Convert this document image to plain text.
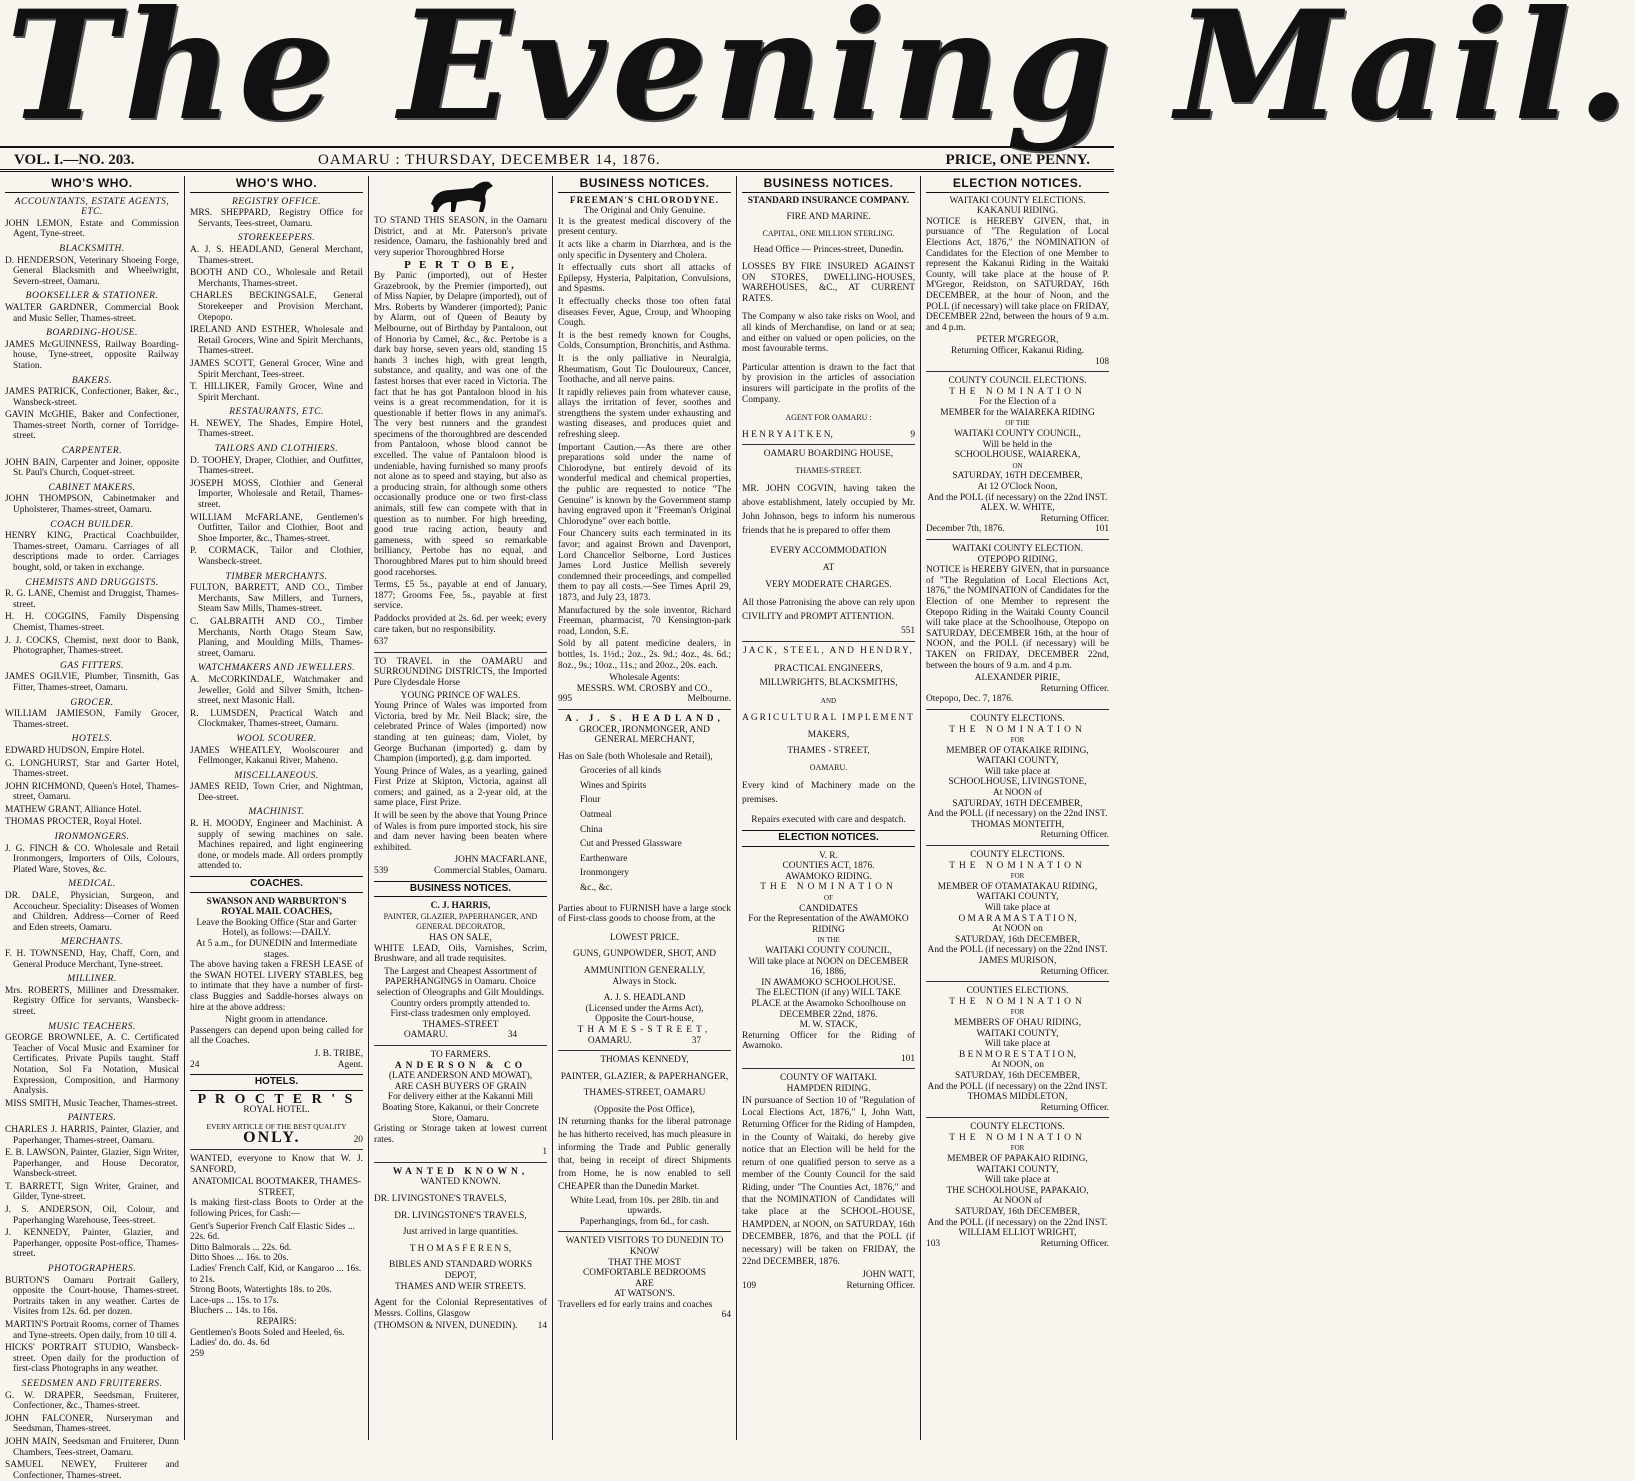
The Evening Mail.
VOL. I.—NO. 203.	OAMARU : THURSDAY, DECEMBER 14, 1876.	PRICE, ONE PENNY.
WHO'S WHO.
ACCOUNTANTS, ESTATE AGENTS, ETC.
JOHN LEMON, Estate and Commission Agent, Tyne-street.
BLACKSMITH.
D. HENDERSON, Veterinary Shoeing Forge, General Blacksmith and Wheelwright, Severn-street, Oamaru.
BOOKSELLER & STATIONER.
WALTER GARDNER, Commercial Book and Music Seller, Thames-street.
BOARDING-HOUSE.
JAMES McGUINNESS, Railway Boarding-house, Tyne-street, opposite Railway Station.
BAKERS.
JAMES PATRICK, Confectioner, Baker, &c., Wansbeck-street.
GAVIN McGHIE, Baker and Confectioner, Thames-street North, corner of Torridge-street.
CARPENTER.
JOHN BAIN, Carpenter and Joiner, opposite St. Paul's Church, Coquet-street.
CABINET MAKERS.
JOHN THOMPSON, Cabinetmaker and Upholsterer, Thames-street, Oamaru.
COACH BUILDER.
HENRY KING, Practical Coachbuilder, Thames-street, Oamaru. Carriages of all descriptions made to order. Carriages bought, sold, or taken in exchange.
CHEMISTS AND DRUGGISTS.
R. G. LANE, Chemist and Druggist, Thames-street.
H. H. COGGINS, Family Dispensing Chemist, Thames-street.
J. J. COCKS, Chemist, next door to Bank, Photographer, Thames-street.
GAS FITTERS.
JAMES OGILVIE, Plumber, Tinsmith, Gas Fitter, Thames-street, Oamaru.
GROCER.
WILLIAM JAMIESON, Family Grocer, Thames-street.
HOTELS.
EDWARD HUDSON, Empire Hotel.
G. LONGHURST, Star and Garter Hotel, Thames-street.
JOHN RICHMOND, Queen's Hotel, Thames-street, Oamaru.
MATHEW GRANT, Alliance Hotel.
THOMAS PROCTER, Royal Hotel.
IRONMONGERS.
J. G. FINCH & CO. Wholesale and Retail Ironmongers, Importers of Oils, Colours, Plated Ware, Stoves, &c.
MEDICAL.
DR. DALE, Physician, Surgeon, and Accoucheur. Speciality: Diseases of Women and Children. Address—Corner of Reed and Eden streets, Oamaru.
MERCHANTS.
F. H. TOWNSEND, Hay, Chaff, Corn, and General Produce Merchant, Tyne-street.
MILLINER.
Mrs. ROBERTS, Milliner and Dressmaker. Registry Office for servants, Wansbeck-street.
MUSIC TEACHERS.
GEORGE BROWNLEE, A. C. Certificated Teacher of Vocal Music and Examiner for Certificates. Private Pupils taught. Staff Notation, Sol Fa Notation, Musical Expression, Composition, and Harmony Analysis.
MISS SMITH, Music Teacher, Thames-street.
PAINTERS.
CHARLES J. HARRIS, Painter, Glazier, and Paperhanger, Thames-street, Oamaru.
E. B. LAWSON, Painter, Glazier, Sign Writer, Paperhanger, and House Decorator, Wansbeck-street.
T. BARRETT, Sign Writer, Grainer, and Gilder, Tyne-street.
J. S. ANDERSON, Oil, Colour, and Paperhanging Warehouse, Tees-street.
J. KENNEDY, Painter, Glazier, and Paperhanger, opposite Post-office, Thames-street.
PHOTOGRAPHERS.
BURTON'S Oamaru Portrait Gallery, opposite the Court-house, Thames-street. Portraits taken in any weather. Cartes de Visites from 12s. 6d. per dozen.
MARTIN'S Portrait Rooms, corner of Thames and Tyne-streets. Open daily, from 10 till 4.
HICKS' PORTRAIT STUDIO, Wansbeck-street. Open daily for the production of first-class Photographs in any weather.
SEEDSMEN AND FRUITERERS.
G. W. DRAPER, Seedsman, Fruiterer, Confectioner, &c., Thames-street.
JOHN FALCONER, Nurseryman and Seedsman, Thames-street.
JOHN MAIN, Seedsman and Fruiterer, Dunn Chambers, Tees-street, Oamaru.
SAMUEL NEWEY, Fruiterer and Confectioner, Thames-street.
WHO'S WHO.
REGISTRY OFFICE.
MRS. SHEPPARD, Registry Office for Servants, Tees-street, Oamaru.
STOREKEEPERS.
A. J. S. HEADLAND, General Merchant, Thames-street.
BOOTH AND CO., Wholesale and Retail Merchants, Thames-street.
CHARLES BECKINGSALE, General Storekeeper and Provision Merchant, Otepopo.
IRELAND AND ESTHER, Wholesale and Retail Grocers, Wine and Spirit Merchants, Thames-street.
JAMES SCOTT, General Grocer, Wine and Spirit Merchant, Tees-street.
T. HILLIKER, Family Grocer, Wine and Spirit Merchant.
RESTAURANTS, ETC.
H. NEWEY, The Shades, Empire Hotel, Thames-street.
TAILORS AND CLOTHIERS.
D. TOOHEY, Draper, Clothier, and Outfitter, Thames-street.
JOSEPH MOSS, Clothier and General Importer, Wholesale and Retail, Thames-street.
WILLIAM McFARLANE, Gentlemen's Outfitter, Tailor and Clothier, Boot and Shoe Importer, &c., Thames-street.
P. CORMACK, Tailor and Clothier, Wansbeck-street.
TIMBER MERCHANTS.
FULTON, BARRETT, AND CO., Timber Merchants, Saw Millers, and Turners, Steam Saw Mills, Thames-street.
C. GALBRAITH AND CO., Timber Merchants, North Otago Steam Saw, Planing, and Moulding Mills, Thames-street, Oamaru.
WATCHMAKERS AND JEWELLERS.
A. McCORKINDALE, Watchmaker and Jeweller, Gold and Silver Smith, Itchen-street, next Masonic Hall.
R. LUMSDEN, Practical Watch and Clockmaker, Thames-street, Oamaru.
WOOL SCOURER.
JAMES WHEATLEY, Woolscourer and Fellmonger, Kakanui River, Maheno.
MISCELLANEOUS.
JAMES REID, Town Crier, and Nightman, Dee-street.
MACHINIST.
R. H. MOODY, Engineer and Machinist. A supply of sewing machines on sale. Machines repaired, and light engineering done, or models made. All orders promptly attended to.
COACHES.
SWANSON AND WARBURTON'S ROYAL MAIL COACHES,
Leave the Booking Office (Star and Garter Hotel), as follows:—DAILY.
At 5 a.m., for DUNEDIN and Intermediate stages.
The above having taken a FRESH LEASE of the SWAN HOTEL LIVERY STABLES, beg to intimate that they have a number of first-class Buggies and Saddle-horses always on hire at the above address:
Night groom in attendance.
Passengers can depend upon being called for all the Coaches.
J. B. TRIBE,
24	Agent.
HOTELS.
P R O C T E R ' S
ROYAL HOTEL.
EVERY ARTICLE OF THE BEST QUALITY
ONLY.	20
WANTED, everyone to Know that W. J. SANFORD,
ANATOMICAL BOOTMAKER, THAMES-STREET,
Is making first-class Boots to Order at the following Prices, for Cash:—
Gent's Superior French Calf Elastic Sides ... 22s. 6d.
Ditto Balmorals ... 22s. 6d.
Ditto Shoes ... 16s. to 20s.
Ladies' French Calf, Kid, or Kangaroo ... 16s. to 21s.
Strong Boots, Watertights 18s. to 20s.
Lace-ups ... 15s. to 17s.
Bluchers ... 14s. to 16s.
REPAIRS:
Gentlemen's Boots Soled and Heeled, 6s.
Ladies' do. do. 4s. 6d
259
TO STAND THIS SEASON, in the Oamaru District, and at Mr. Paterson's private residence, Oamaru, the fashionably bred and very superior Thoroughbred Horse
P E R T O B E,
By Panic (imported), out of Hester Grazebrook, by the Premier (imported), out of Miss Napier, by Delapre (imported), out of Mrs. Roberts by Wanderer (imported); Panic by Alarm, out of Queen of Beauty by Melbourne, out of Birthday by Pantaloon, out of Honoria by Camel, &c., &c. Pertobe is a dark bay horse, seven years old, standing 15 hands 3 inches high, with great length, substance, and quality, and was one of the fastest horses that ever raced in Victoria. The fact that he has got Pantaloon blood in his veins is a great recommendation, for it is questionable if better flows in any animal's. The very best runners and the grandest specimens of the thoroughbred are descended from Pantaloon, whose blood cannot be excelled. The value of Pantaloon blood is undeniable, having furnished so many proofs not alone as to speed and staying, but also as a producing strain, for although some others occasionally produce one or two first-class animals, still few can compete with that in question as to number. For high breeding, good true racing action, beauty and gameness, with speed so remarkable brilliancy, Pertobe has no equal, and Thoroughbred Mares put to him should breed good racehorses.
Terms, £5 5s., payable at end of January, 1877; Grooms Fee, 5s., payable at first service.
Paddocks provided at 2s. 6d. per week; every care taken, but no responsibility.
637
TO TRAVEL in the OAMARU and SURROUNDING DISTRICTS, the Imported Pure Clydesdale Horse
YOUNG PRINCE OF WALES.
Young Prince of Wales was imported from Victoria, bred by Mr. Neil Black; sire, the celebrated Prince of Wales (imported) now standing at ten guineas; dam, Violet, by George Buchanan (imported) g. dam by Champion (imported), g.g. dam imported.
Young Prince of Wales, as a yearling, gained First Prize at Skipton, Victoria, against all comers; and gained, as a 2-year old, at the same place, First Prize.
It will be seen by the above that Young Prince of Wales is from pure imported stock, his sire and dam never having been beaten where exhibited.
JOHN MACFARLANE,
539	Commercial Stables, Oamaru.
BUSINESS NOTICES.
C. J. HARRIS,
PAINTER, GLAZIER, PAPERHANGER, AND GENERAL DECORATOR,
HAS ON SALE,
WHITE LEAD, Oils, Varnishes, Scrim, Brushware, and all trade requisites.
The Largest and Cheapest Assortment of PAPERHANGINGS in Oamaru. Choice selection of Oleographs and Gilt Mouldings.
Country orders promptly attended to.
First-class tradesmen only employed.
THAMES-STREET
OAMARU.	34
TO FARMERS.
ANDERSON & CO
(LATE ANDERSON AND MOWAT),
ARE CASH BUYERS OF GRAIN
For delivery either at the Kakanui Mill Boating Store, Kakanui, or their Concrete Store, Oamaru.
Gristing or Storage taken at lowest current rates.
1
WANTED KNOWN,
WANTED KNOWN.
DR. LIVINGSTONE'S TRAVELS,
DR. LIVINGSTONE'S TRAVELS,
Just arrived in large quantities.
T H O M A S F E R E N S,
BIBLES AND STANDARD WORKS DEPOT,
THAMES AND WEIR STREETS.
Agent for the Colonial Representatives of Messrs. Collins, Glasgow
(THOMSON & NIVEN, DUNEDIN). 14
BUSINESS NOTICES.
FREEMAN'S CHLORODYNE.
The Original and Only Genuine.
It is the greatest medical discovery of the present century.
It acts like a charm in Diarrhœa, and is the only specific in Dysentery and Cholera.
It effectually cuts short all attacks of Epilepsy, Hysteria, Palpitation, Convulsions, and Spasms.
It effectually checks those too often fatal diseases Fever, Ague, Croup, and Whooping Cough.
It is the best remedy known for Coughs, Colds, Consumption, Bronchitis, and Asthma.
It is the only palliative in Neuralgia, Rheumatism, Gout Tic Douloureux, Cancer, Toothache, and all nerve pains.
It rapidly relieves pain from whatever cause, allays the irritation of fever, soothes and strengthens the system under exhausting and wasting diseases, and produces quiet and refreshing sleep.
Important Caution.—As there are other preparations sold under the name of Chlorodyne, but entirely devoid of its wonderful medical and chemical properties, the public are requested to notice "The Genuine" is known by the Government stamp having engraved upon it "Freeman's Original Chlorodyne" over each bottle.
Four Chancery suits each terminated in its favor; and against Brown and Davenport, Lord Chancellor Selborne, Lord Justices James Lord Justice Mellish severely condemned their proceedings, and compelled them to pay all costs.—See Times April 29, 1873, and July 23, 1873.
Manufactured by the sole inventor, Richard Freeman, pharmacist, 70 Kensington-park road, London, S.E.
Sold by all patent medicine dealers, in bottles, 1s. 1½d.; 2oz., 2s. 9d.; 4oz., 4s. 6d.; 8oz., 9s.; 10oz., 11s.; and 20oz., 20s. each.
Wholesale Agents:
MESSRS. WM. CROSBY and CO.,
995	Melbourne.
A. J. S. HEADLAND,
GROCER, IRONMONGER, AND
GENERAL MERCHANT,
Has on Sale (both Wholesale and Retail),
Groceries of all kinds
Wines and Spirits
Flour
Oatmeal
China
Cut and Pressed Glassware
Earthenware
Ironmongery
&c., &c.
Parties about to FURNISH have a large stock of First-class goods to choose from, at the
LOWEST PRICE.
GUNS, GUNPOWDER, SHOT, AND
AMMUNITION GENERALLY,
Always in Stock.
A. J. S. HEADLAND
(Licensed under the Arms Act),
Opposite the Court-house,
THAMES-STREET,
OAMARU.	37
THOMAS KENNEDY,
PAINTER, GLAZIER, & PAPERHANGER,
THAMES-STREET, OAMARU
(Opposite the Post Office),
IN returning thanks for the liberal patronage he has hitherto received, has much pleasure in informing the Trade and Public generally that, being in receipt of direct Shipments from Home, he is now enabled to sell CHEAPER than the Dunedin Market.
White Lead, from 10s. per 28lb. tin and upwards.
Paperhangings, from 6d., for cash.
WANTED VISITORS TO DUNEDIN TO KNOW
THAT THE MOST
COMFORTABLE BEDROOMS
ARE
AT WATSON'S.
Travellers ed for early trains and coaches
64
BUSINESS NOTICES.
STANDARD INSURANCE COMPANY.
FIRE AND MARINE.
CAPITAL, ONE MILLION STERLING.
Head Office — Princes-street, Dunedin.
LOSSES BY FIRE INSURED AGAINST ON STORES, DWELLING-HOUSES, WAREHOUSES, &C., AT CURRENT RATES.
The Company w also take risks on Wool, and all kinds of Merchandise, on land or at sea; and either on valued or open policies, on the most favourable terms.
Particular attention is drawn to the fact that by provision in the articles of association insurers will participate in the profits of the Company.
AGENT FOR OAMARU :
H E N R Y A I T K E N,	9
OAMARU BOARDING HOUSE,
THAMES-STREET.
MR. JOHN COGVIN, having taken the above establishment, lately occupied by Mr. John Johnson, begs to inform his numerous friends that he is prepared to offer them
EVERY ACCOMMODATION
AT
VERY MODERATE CHARGES.
All those Patronising the above can rely upon CIVILITY and PROMPT ATTENTION.
551
JACK, STEEL, AND HENDRY,
PRACTICAL ENGINEERS, MILLWRIGHTS, BLACKSMITHS,
AND
AGRICULTURAL IMPLEMENT
MAKERS,
THAMES - STREET,
OAMARU.
Every kind of Machinery made on the premises.
Repairs executed with care and despatch.
ELECTION NOTICES.
V. R.
COUNTIES ACT, 1876.
AWAMOKO RIDING.
THE NOMINATION
OF
CANDIDATES
For the Representation of the AWAMOKO RIDING
IN THE
WAITAKI COUNTY COUNCIL,
Will take place at NOON on DECEMBER 16, 1886,
IN AWAMOKO SCHOOLHOUSE.
The ELECTION (if any) WILL TAKE PLACE at the Awamoko Schoolhouse on DECEMBER 22nd, 1876.
M. W. STACK,
Returning Officer for the Riding of Awamoko.
101
COUNTY OF WAITAKI.
HAMPDEN RIDING.
IN pursuance of Section 10 of "Regulation of Local Elections Act, 1876," I, John Watt, Returning Officer for the Riding of Hampden, in the County of Waitaki, do hereby give notice that an Election will be held for the return of one qualified person to serve as a member of the County Council for the said Riding, under "The Counties Act, 1876," and that the NOMINATION of Candidates will take place at the SCHOOL-HOUSE, HAMPDEN, at NOON, on SATURDAY, 16th DECEMBER, 1876, and that the POLL (if necessary) will be taken on FRIDAY, the 22nd DECEMBER, 1876.
JOHN WATT,
109	Returning Officer.
ELECTION NOTICES.
WAITAKI COUNTY ELECTIONS.
KAKANUI RIDING.
NOTICE is HEREBY GIVEN, that, in pursuance of "The Regulation of Local Elections Act, 1876," the NOMINATION of Candidates for the Election of one Member to represent the Kakanui Riding in the Waitaki County, will take place at the house of P. M'Gregor, Reidston, on SATURDAY, 16th DECEMBER, at the hour of Noon, and the POLL (if necessary) will take place on FRIDAY, DECEMBER 22nd, between the hours of 9 a.m. and 4 p.m.
PETER M'GREGOR,
Returning Officer, Kakanui Riding.
108
COUNTY COUNCIL ELECTIONS.
THE NOMINATION
For the Election of a
MEMBER for the WAIAREKA RIDING
OF THE
WAITAKI COUNTY COUNCIL,
Will be held in the
SCHOOLHOUSE, WAIAREKA,
ON
SATURDAY, 16TH DECEMBER,
At 12 O'Clock Noon,
And the POLL (if necessary) on the 22nd INST.
ALEX. W. WHITE,
Returning Officer.
December 7th, 1876.	101
WAITAKI COUNTY ELECTION.
OTEPOPO RIDING.
NOTICE is HEREBY GIVEN, that in pursuance of "The Regulation of Local Elections Act, 1876," the NOMINATION of Candidates for the Election of one Member to represent the Otepopo Riding in the Waitaki County Council will take place at the Schoolhouse, Otepopo on SATURDAY, DECEMBER 16th, at the hour of NOON, and the POLL (if necessary) will be TAKEN on FRIDAY, DECEMBER 22nd, between the hours of 9 a.m. and 4 p.m.
ALEXANDER PIRIE,
Returning Officer.
Otepopo, Dec. 7, 1876.
COUNTY ELECTIONS.
THE NOMINATION
FOR
MEMBER OF OTAKAIKE RIDING,
WAITAKI COUNTY,
Will take place at
SCHOOLHOUSE, LIVINGSTONE,
At NOON of
SATURDAY, 16TH DECEMBER,
And the POLL (if necessary) on the 22nd INST.
THOMAS MONTEITH,
Returning Officer.
COUNTY ELECTIONS.
THE NOMINATION
FOR
MEMBER OF OTAMATAKAU RIDING,
WAITAKI COUNTY,
Will take place at
O M A R A M A S T A T I O N,
At NOON on
SATURDAY, 16th DECEMBER,
And the POLL (if necessary) on the 22nd INST.
JAMES MURISON,
Returning Officer.
COUNTIES ELECTIONS.
THE NOMINATION
FOR
MEMBERS OF OHAU RIDING,
WAITAKI COUNTY,
Will take place at
B E N M O R E S T A T I O N,
At NOON, on
SATURDAY, 16th DECEMBER,
And the POLL (if necessary) on the 22nd INST.
THOMAS MIDDLETON,
Returning Officer.
COUNTY ELECTIONS.
THE NOMINATION
FOR
MEMBER OF PAPAKAIO RIDING,
WAITAKI COUNTY,
Will take place at
THE SCHOOLHOUSE, PAPAKAIO,
At NOON of
SATURDAY, 16th DECEMBER,
And the POLL (if necessary) on the 22nd INST.
WILLIAM ELLIOT WRIGHT,
103	Returning Officer.
